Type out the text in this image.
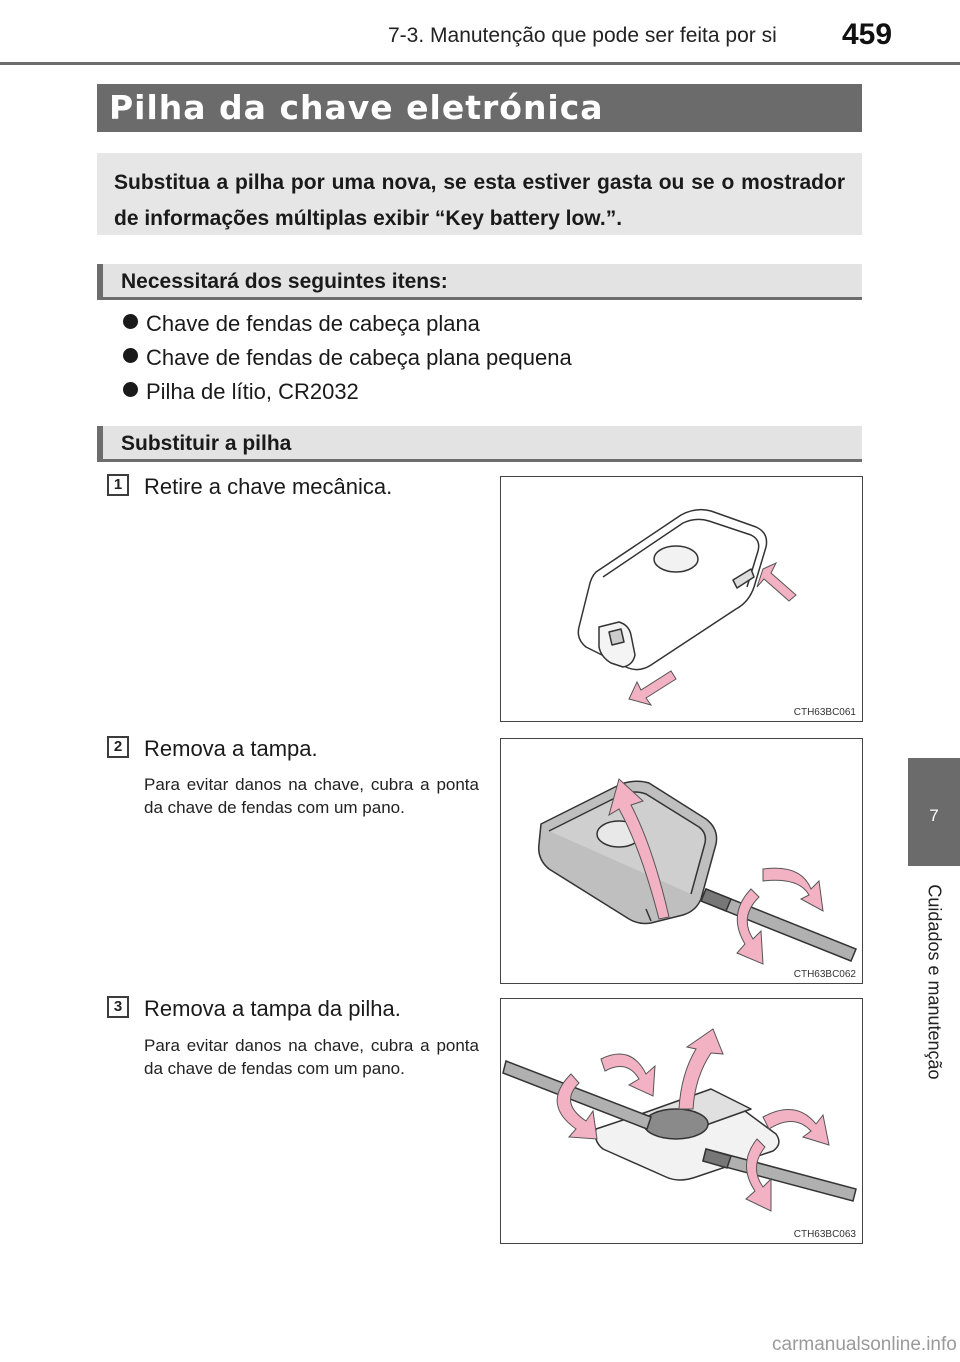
7-3. Manutenção que pode ser feita por si 459
7
Cuidados e manutenção
Pilha da chave eletrónica
Substitua a pilha por uma nova, se esta estiver gasta ou se o mostrador de informações múltiplas exibir “Key battery low.”.
Necessitará dos seguintes itens:
Chave de fendas de cabeça plana
Chave de fendas de cabeça plana pequena
Pilha de lítio, CR2032
Substituir a pilha
1 Retire a chave mecânica.
CTH63BC061
2 Remova a tampa.
Para evitar danos na chave, cubra a ponta da chave de fendas com um pano.
CTH63BC062
3 Remova a tampa da pilha.
Para evitar danos na chave, cubra a ponta da chave de fendas com um pano.
CTH63BC063
carmanualsonline.info
